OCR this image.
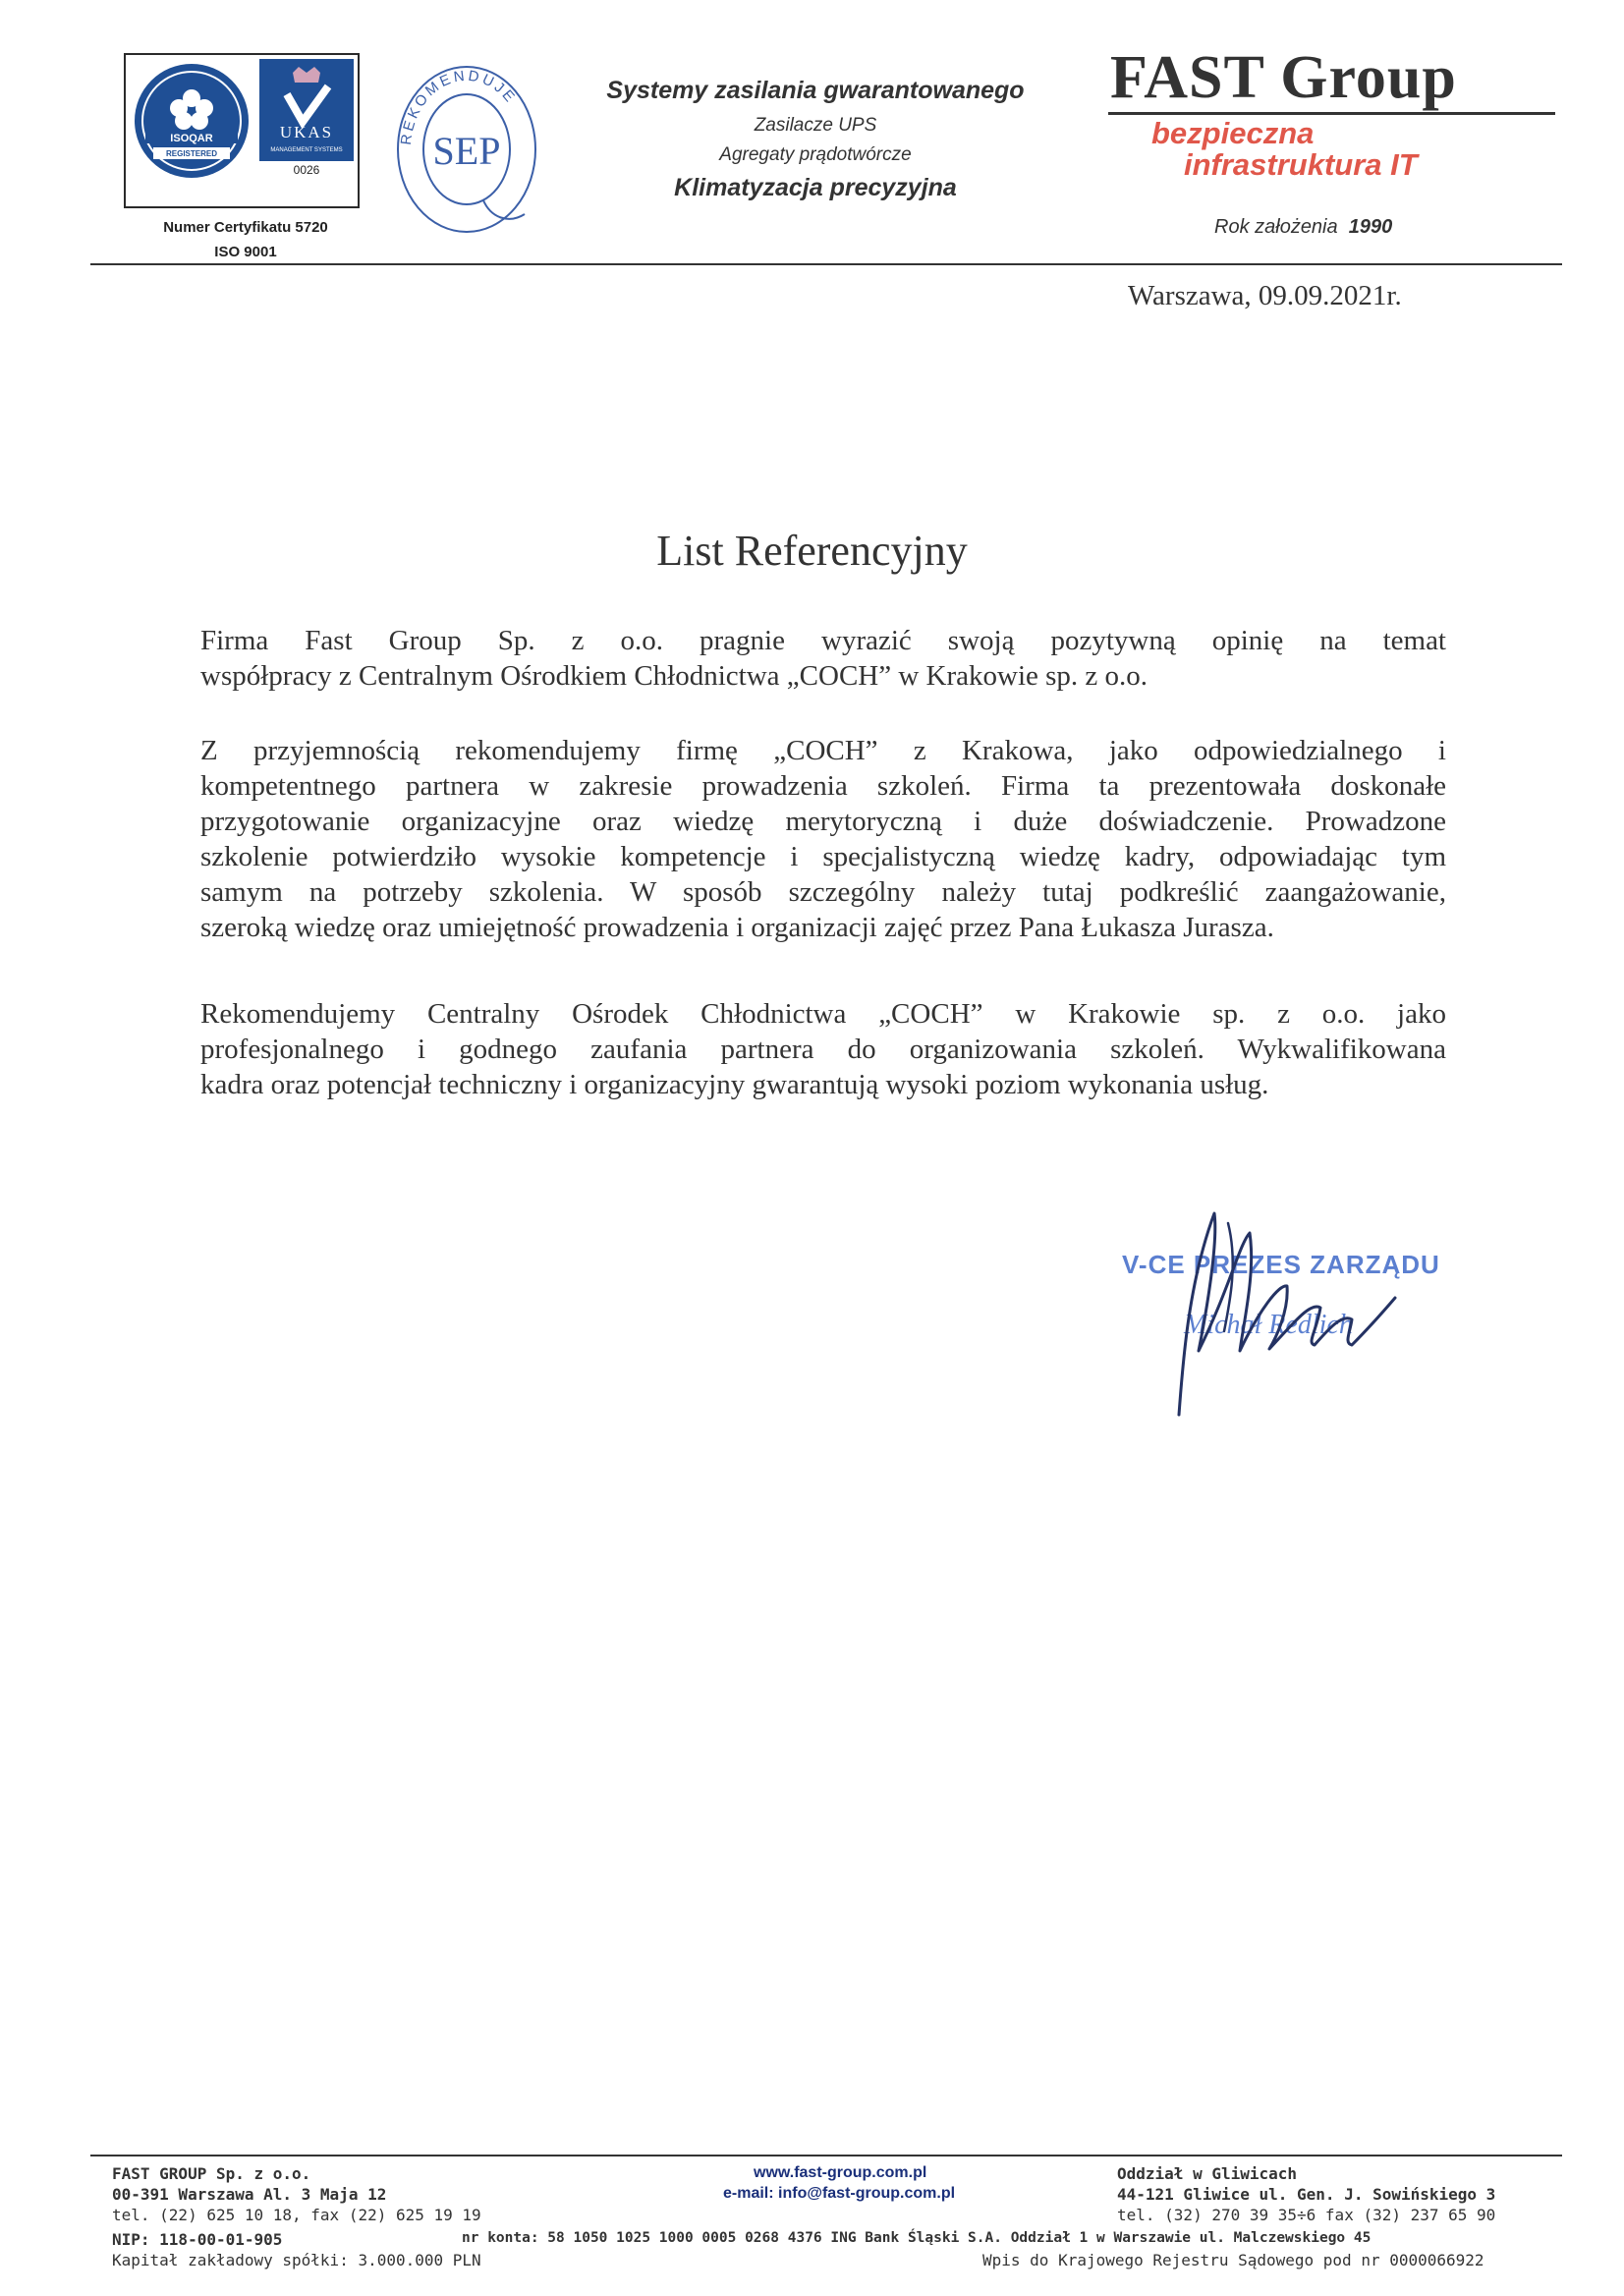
ISOQAR
REGISTERED
UKAS
MANAGEMENT SYSTEMS
0026
Numer Certyfikatu 5720
ISO 9001
REKOMENDUJE
SEP
Systemy zasilania gwarantowanego
Zasilacze UPS
Agregaty prądotwórcze
Klimatyzacja precyzyjna
FAST Group
bezpieczna
infrastruktura IT
Rok założenia 1990
Warszawa, 09.09.2021r.
List Referencyjny
Firma Fast Group Sp. z o.o. pragnie wyrazić swoją pozytywną opinię na temat
współpracy z Centralnym Ośrodkiem Chłodnictwa „COCH” w Krakowie sp. z o.o.
Z przyjemnością rekomendujemy firmę „COCH” z Krakowa, jako odpowiedzialnego i
kompetentnego partnera w zakresie prowadzenia szkoleń. Firma ta prezentowała doskonałe
przygotowanie organizacyjne oraz wiedzę merytoryczną i duże doświadczenie. Prowadzone
szkolenie potwierdziło wysokie kompetencje i specjalistyczną wiedzę kadry, odpowiadając tym
samym na potrzeby szkolenia. W sposób szczególny należy tutaj podkreślić zaangażowanie,
szeroką wiedzę oraz umiejętność prowadzenia i organizacji zajęć przez Pana Łukasza Jurasza.
Rekomendujemy Centralny Ośrodek Chłodnictwa „COCH” w Krakowie sp. z o.o. jako
profesjonalnego i godnego zaufania partnera do organizowania szkoleń. Wykwalifikowana
kadra oraz potencjał techniczny i organizacyjny gwarantują wysoki poziom wykonania usług.
V-CE PREZES ZARZĄDU
Michał Redlich
FAST GROUP Sp. z o.o.
00-391 Warszawa Al. 3 Maja 12
tel. (22) 625 10 18, fax (22) 625 19 19
www.fast-group.com.pl
e-mail: info@fast-group.com.pl
Oddział w Gliwicach
44-121 Gliwice ul. Gen. J. Sowińskiego 3
tel. (32) 270 39 35÷6 fax (32) 237 65 90
NIP: 118-00-01-905	nr konta: 58 1050 1025 1000 0005 0268 4376 ING Bank Śląski S.A. Oddział 1 w Warszawie ul. Malczewskiego 45
Kapitał zakładowy spółki: 3.000.000 PLN	Wpis do Krajowego Rejestru Sądowego pod nr 0000066922
